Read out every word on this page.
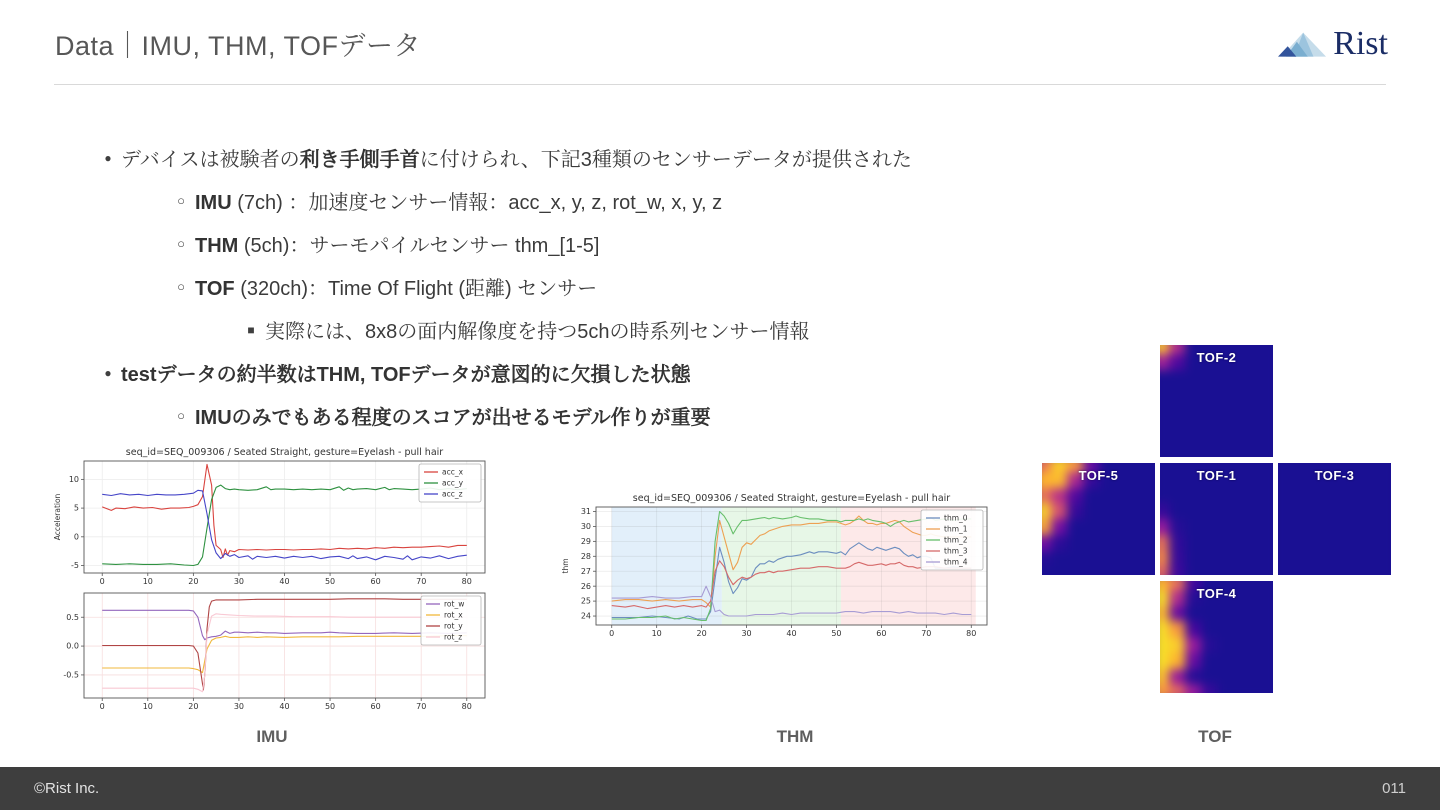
Data｜IMU, THM, TOFデータ	Rist
● デバイスは被験者の利き手側手首に付けられ、下記3種類のセンサーデータが提供された
○ IMU (7ch) ：加速度センサー情報：acc_x, y, z, rot_w, x, y, z
○ THM (5ch)：サーモパイルセンサー thm_[1-5]
○ TOF (320ch)：Time Of Flight (距離) センサー
■ 実際には、8x8の面内解像度を持つ5chの時系列センサー情報
● testデータの約半数はTHM, TOFデータが意図的に欠損した状態
○ IMUのみでもある程度のスコアが出せるモデル作りが重要
0	10	20	30	40	50	60	70	80
-5
0
5
10
seq_id=SEQ_009306 / Seated Straight, gesture=Eyelash - pull hair
Acceleration
acc_x
acc_y
acc_z
0	10	20	30	40	50	60	70	80
-0.5
0.0
0.5
rot_w
rot_x
rot_y
rot_z	0	10	20	30	40	50	60	70	80
24
25
26
27
28
29
30
31
seq_id=SEQ_009306 / Seated Straight, gesture=Eyelash - pull hair
thm
thm_0
thm_1
thm_2
thm_3
thm_4
TOF-2
TOF-5	TOF-1	TOF-3
TOF-4
IMU	THM	TOF
©Rist Inc.	011
